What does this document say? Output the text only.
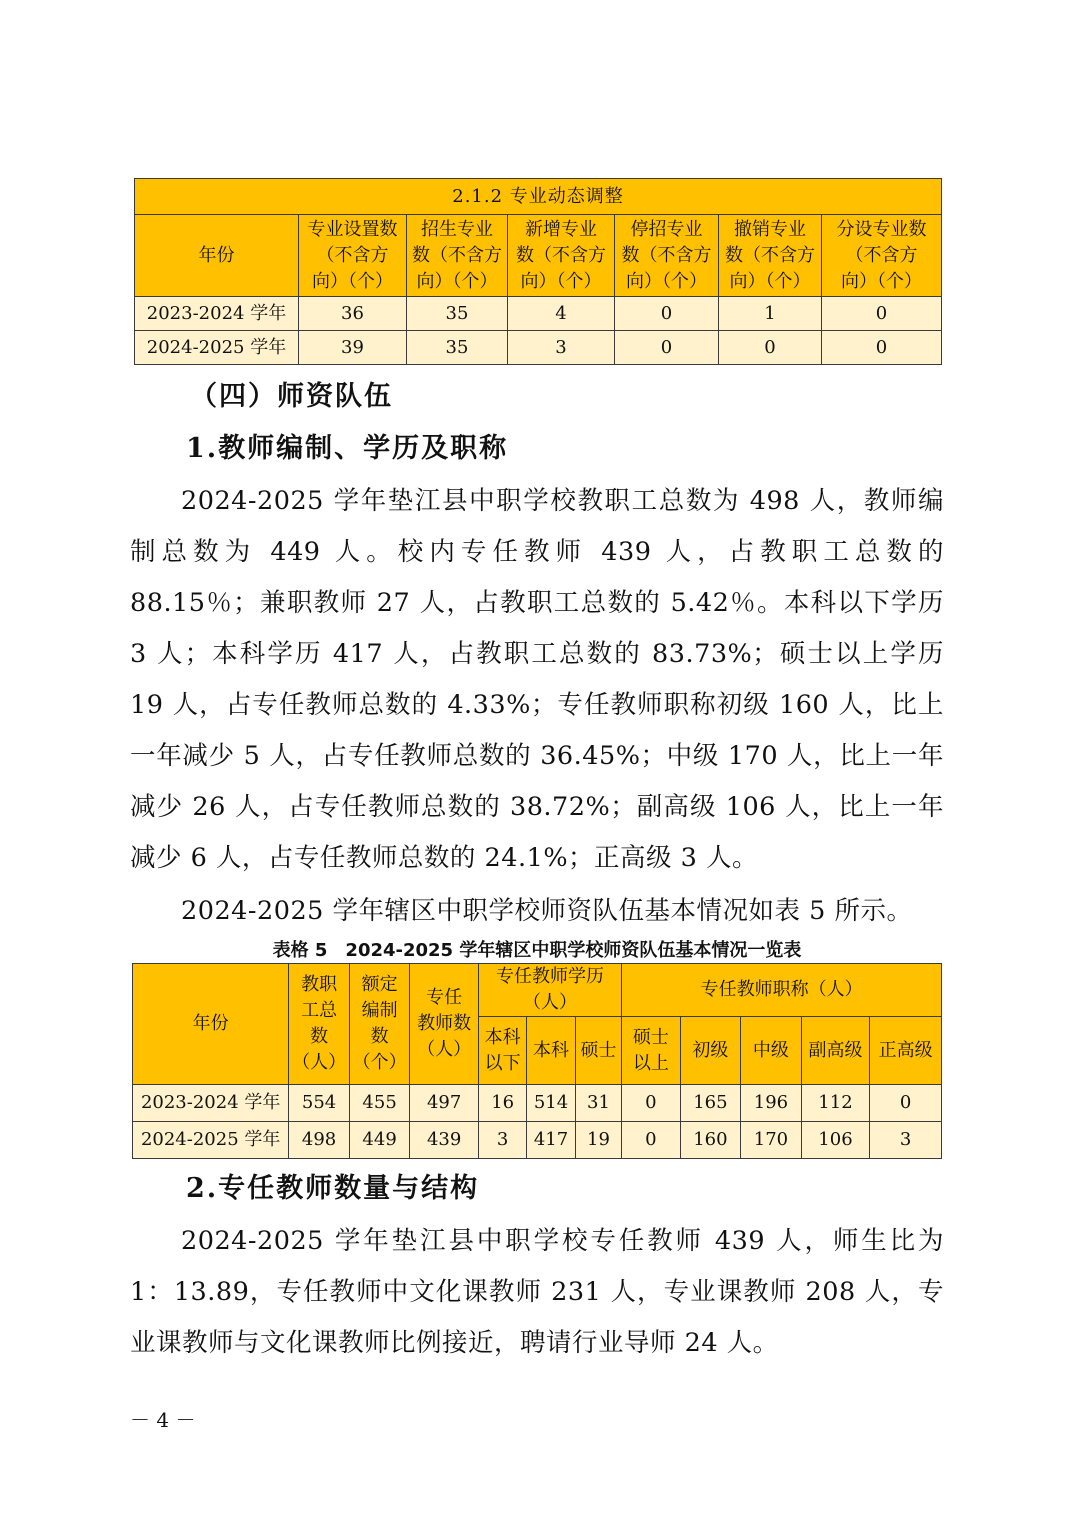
2.1.2 专业动态调整						

年份	专业设置数
（不含方
向）（个）	招生专业
数（不含方
向）（个）	新增专业
数（不含方
向）（个）	停招专业
数（不含方
向）（个）	撤销专业
数（不含方
向）（个）	分设专业数
（不含方
向）（个）

2023-2024 学年	36	35	4	0	1	0
2024-2025 学年	39	35	3	0	0	0
（四）师资队伍
1.教师编制、学历及职称
2024-2025 学年垫江县中职学校教职工总数为 498 人，教师编制总数为 449 人。校内专任教师 439 人，占教职工总数的 88.15％；兼职教师 27 人，占教职工总数的 5.42％。本科以下学历 3 人；本科学历 417 人，占教职工总数的 83.73%；硕士以上学历 19 人，占专任教师总数的 4.33%；专任教师职称初级 160 人，比上一年减少 5 人，占专任教师总数的 36.45%；中级 170 人，比上一年减少 26 人，占专任教师总数的 38.72%；副高级 106 人，比上一年减少 6 人，占专任教师总数的 24.1%；正高级 3 人。
2024-2025 学年辖区中职学校师资队伍基本情况如表 5 所示。
表格 5　2024-2025 学年辖区中职学校师资队伍基本情况一览表
年份	教职
工总
数
（人）	额定
编制
数
（个）	专任
教师数
（人）	专任教师学历
（人）			专任教师职称（人）				

				本科
以下	本科	硕士	硕士
以上	初级	中级	副高级	正高级
2023-2024 学年	554	455	497	16	514	31	0	165	196	112	0
2024-2025 学年	498	449	439	3	417	19	0	160	170	106	3
2.专任教师数量与结构
2024-2025 学年垫江县中职学校专任教师 439 人，师生比为 1：13.89，专任教师中文化课教师 231 人，专业课教师 208 人，专业课教师与文化课教师比例接近，聘请行业导师 24 人。
－ 4 －
